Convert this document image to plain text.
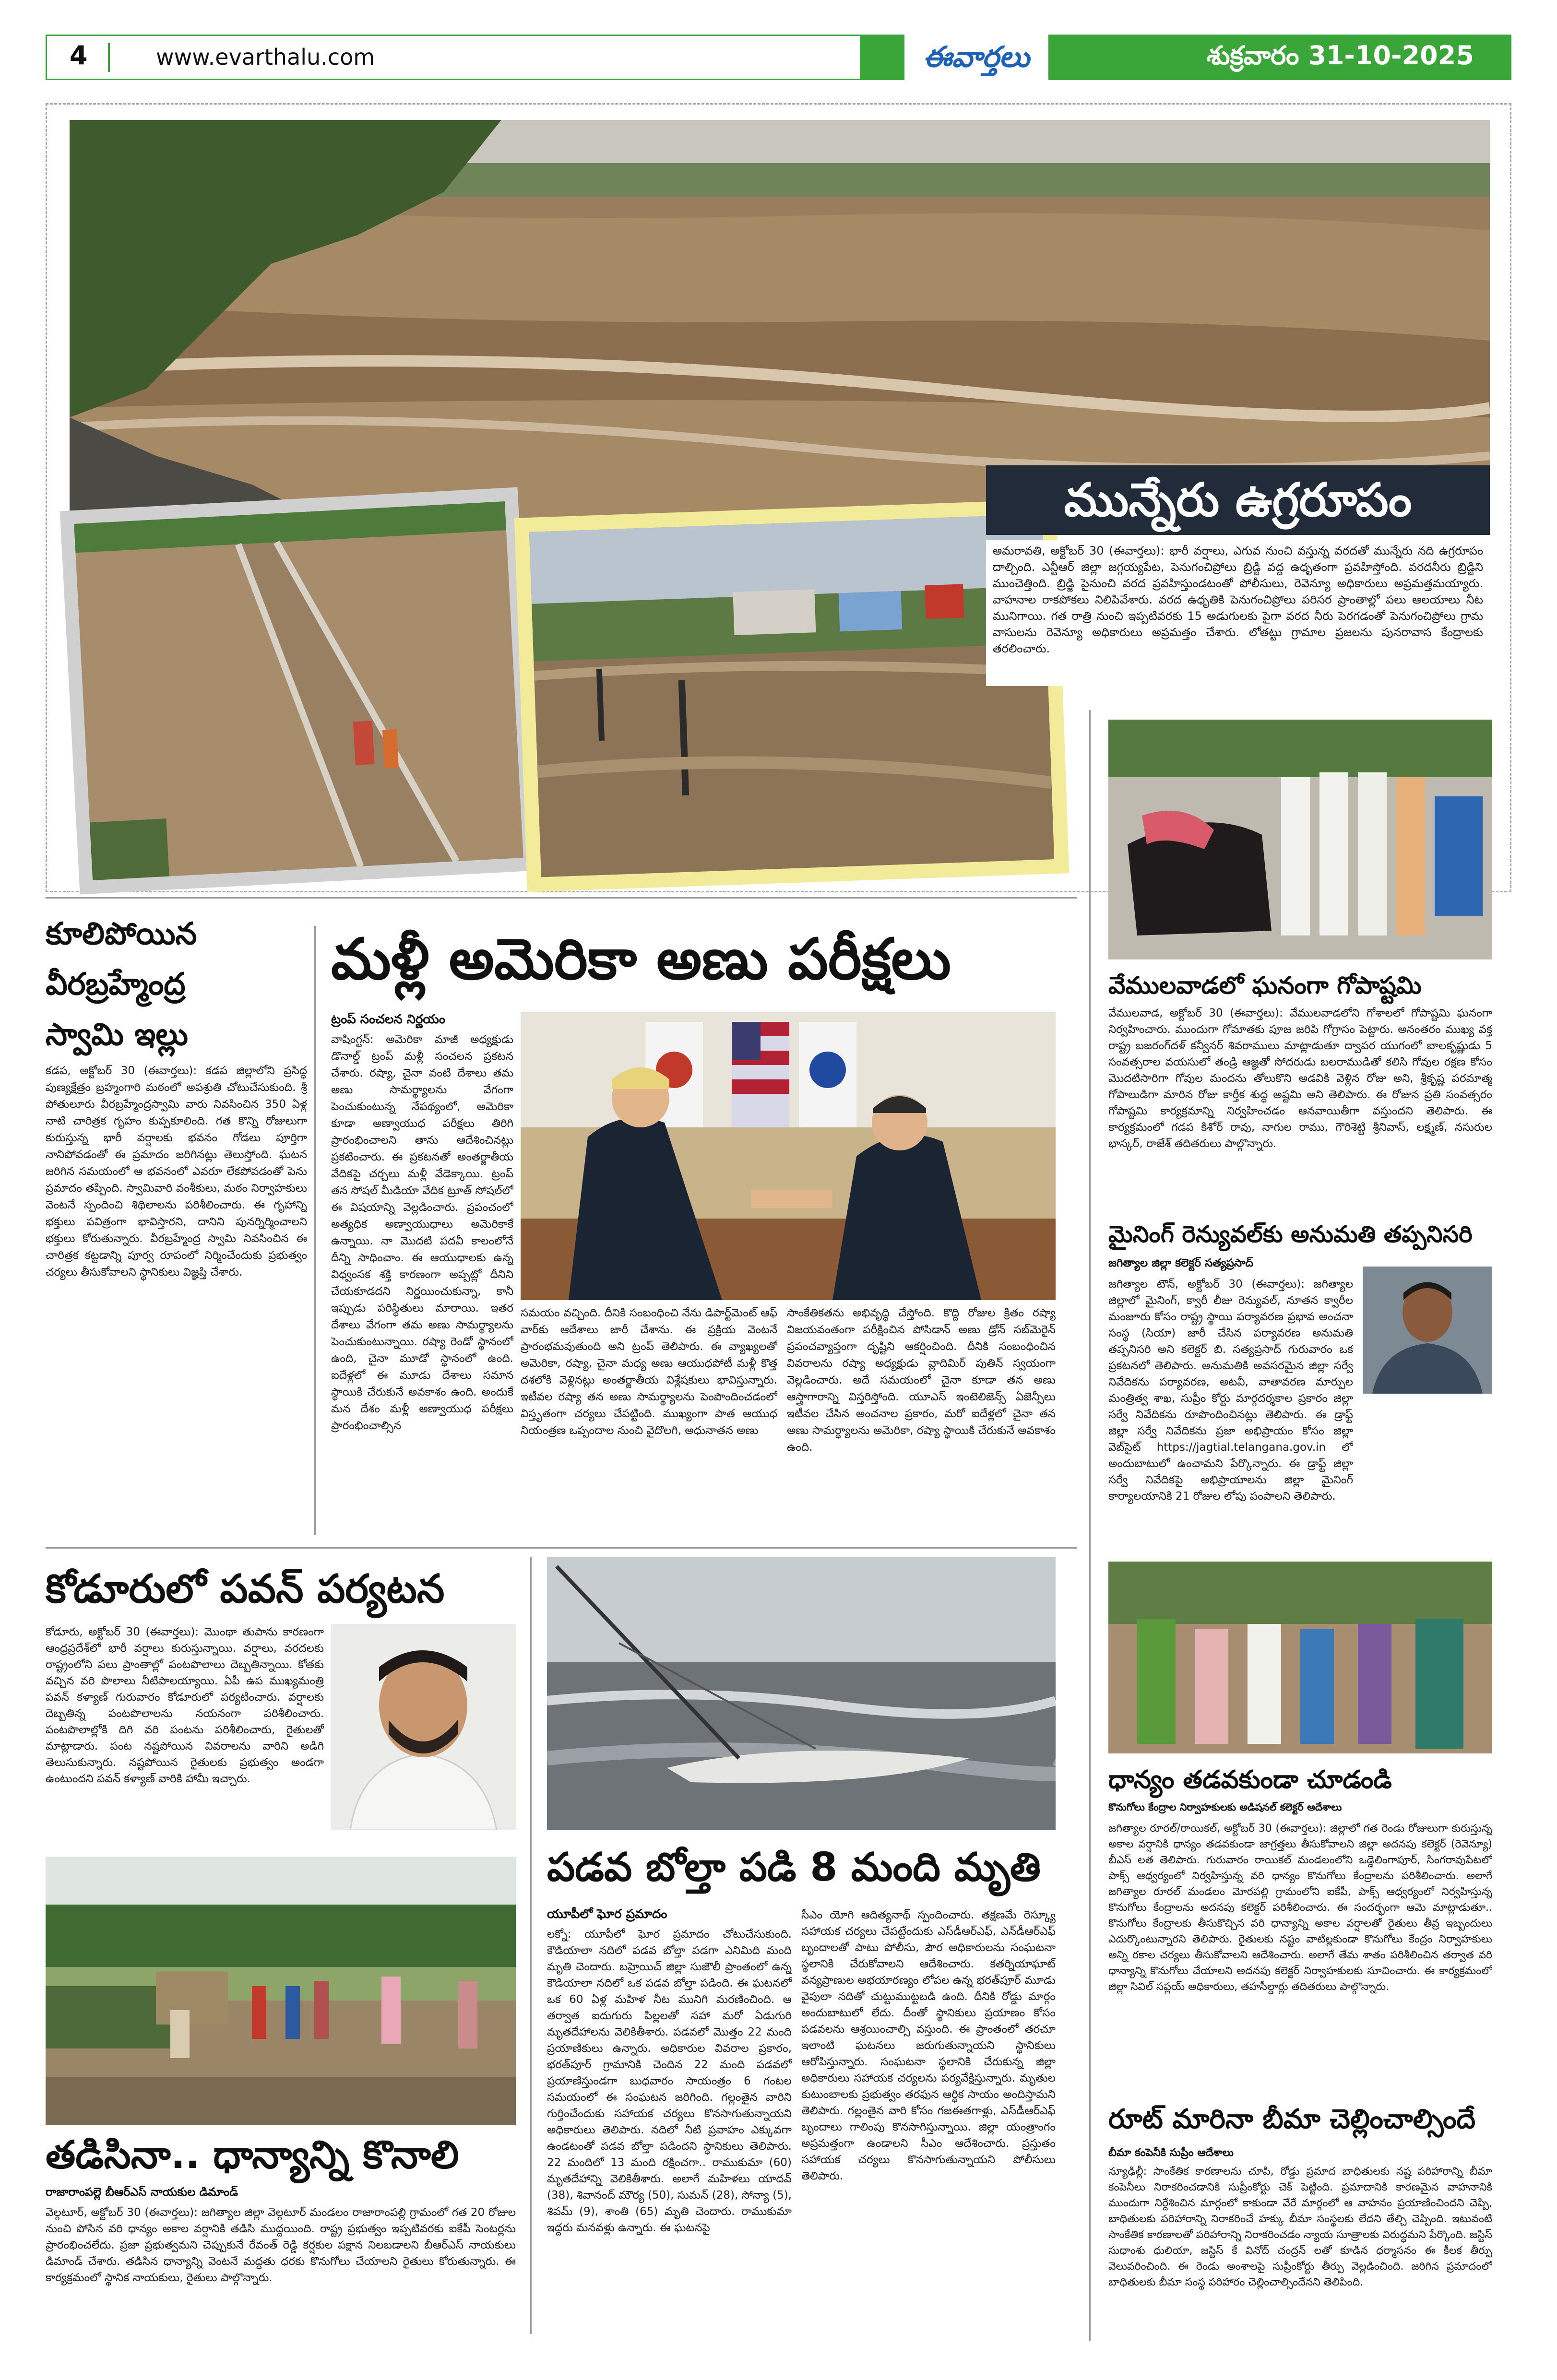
4	www.evarthalu.com	ఈవార్తలు	శుక్రవారం 31-10-2025
మున్నేరు ఉగ్రరూపం
అమరావతి, అక్టోబర్ 30 (ఈవార్తలు): భారీ వర్షాలు, ఎగువ నుంచి వస్తున్న వరదతో మున్నేరు నది ఉగ్రరూపం దాల్చింది. ఎన్టీఆర్ జిల్లా జగ్గయ్యపేట, పెనుగంచిప్రోలు బ్రిడ్జి వద్ద ఉధృతంగా ప్రవహిస్తోంది. వరదనీరు బ్రిడ్జిని ముంచెత్తింది. బ్రిడ్జి పైనుంచి వరద ప్రవహిస్తుండటంతో పోలీసులు, రెవెన్యూ అధికారులు అప్రమత్తమయ్యారు. వాహనాల రాకపోకలు నిలిపివేశారు. వరద ఉధృతికి పెనుగంచిప్రోలు పరిసర ప్రాంతాల్లో పలు ఆలయాలు నీట మునిగాయి. గత రాత్రి నుంచి ఇప్పటివరకు 15 అడుగులకు పైగా వరద నీరు పెరగడంతో పెనుగంచిప్రోలు గ్రామ వాసులను రెవెన్యూ అధికారులు అప్రమత్తం చేశారు. లోతట్టు గ్రామాల ప్రజలను పునరావాస కేంద్రాలకు తరలించారు.
కూలిపోయిన
వీరబ్రహ్మేంద్ర
స్వామి ఇల్లు
కడప, అక్టోబర్ 30 (ఈవార్తలు): కడప జిల్లాలోని ప్రసిద్ధ పుణ్యక్షేత్రం బ్రహ్మంగారి మఠంలో అపశ్రుతి చోటుచేసుకుంది. శ్రీ పోతులూరు వీరబ్రహ్మేంద్రస్వామి వారు నివసించిన 350 ఏళ్ల నాటి చారిత్రక గృహం కుప్పకూలింది. గత కొన్ని రోజులుగా కురుస్తున్న భారీ వర్షాలకు భవనం గోడలు పూర్తిగా నానిపోవడంతో ఈ ప్రమాదం జరిగినట్లు తెలుస్తోంది. ఘటన జరిగిన సమయంలో ఆ భవనంలో ఎవరూ లేకపోవడంతో పెను ప్రమాదం తప్పింది. స్వామివారి వంశీకులు, మఠం నిర్వాహకులు వెంటనే స్పందించి శిథిలాలను పరిశీలించారు. ఈ గృహాన్ని భక్తులు పవిత్రంగా భావిస్తారని, దానిని పునర్నిర్మించాలని భక్తులు కోరుతున్నారు. వీరబ్రహ్మేంద్ర స్వామి నివసించిన ఈ చారిత్రక కట్టడాన్ని పూర్వ రూపంలో నిర్మించేందుకు ప్రభుత్వం చర్యలు తీసుకోవాలని స్థానికులు విజ్ఞప్తి చేశారు.
మళ్లీ అమెరికా అణు పరీక్షలు
ట్రంప్ సంచలన నిర్ణయం
వాషింగ్టన్: అమెరికా మాజీ అధ్యక్షుడు డొనాల్డ్ ట్రంప్ మళ్లీ సంచలన ప్రకటన చేశారు. రష్యా, చైనా వంటి దేశాలు తమ అణు సామర్థ్యాలను వేగంగా పెంచుకుంటున్న నేపథ్యంలో, అమెరికా కూడా అణ్వాయుధ పరీక్షలు తిరిగి ప్రారంభించాలని తాను ఆదేశించినట్లు ప్రకటించారు. ఈ ప్రకటనతో అంతర్జాతీయ వేదికపై చర్చలు మళ్లీ వేడెక్కాయి. ట్రంప్ తన సోషల్ మీడియా వేదిక ట్రూత్ సోషల్‌లో ఈ విషయాన్ని వెల్లడించారు. ప్రపంచంలో అత్యధిక అణ్వాయుధాలు అమెరికాకే ఉన్నాయి. నా మొదటి పదవీ కాలంలోనే దీన్ని సాధించాం. ఈ ఆయుధాలకు ఉన్న విధ్వంసక శక్తి కారణంగా అప్పట్లో దీనిని చేయకూడదని నిర్ణయించుకున్నా, కానీ ఇప్పుడు పరిస్థితులు మారాయి. ఇతర దేశాలు వేగంగా తమ అణు సామర్థ్యాలను పెంచుకుంటున్నాయి. రష్యా రెండో స్థానంలో ఉంది, చైనా మూడో స్థానంలో ఉంది. ఐదేళ్లలో ఈ మూడు దేశాలు సమాన స్థాయికి చేరుకునే అవకాశం ఉంది. అందుకే మన దేశం మళ్లీ అణ్వాయుధ పరీక్షలు ప్రారంభించాల్సిన
సమయం వచ్చింది. దీనికి సంబంధించి నేను డిపార్ట్‌మెంట్ ఆఫ్ వార్‌కు ఆదేశాలు జారీ చేశాను. ఈ ప్రక్రియ వెంటనే ప్రారంభమవుతుంది అని ట్రంప్ తెలిపారు. ఈ వ్యాఖ్యలతో అమెరికా, రష్యా, చైనా మధ్య అణు ఆయుధపోటీ మళ్లీ కొత్త దశలోకి వెళ్లినట్లు అంతర్జాతీయ విశ్లేషకులు భావిస్తున్నారు. ఇటీవల రష్యా తన అణు సామర్థ్యాలను పెంపొందించడంలో విస్తృతంగా చర్యలు చేపట్టింది. ముఖ్యంగా పాత ఆయుధ నియంత్రణ ఒప్పందాల నుంచి వైదొలగి, అధునాతన అణు
సాంకేతికతను అభివృద్ధి చేస్తోంది. కొద్ది రోజుల క్రితం రష్యా విజయవంతంగా పరీక్షించిన పోసిడాన్ అణు డ్రోన్ సబ్‌మెరైన్ ప్రపంచవ్యాప్తంగా దృష్టిని ఆకర్షించింది. దీనికి సంబంధించిన వివరాలను రష్యా అధ్యక్షుడు వ్లాదిమిర్ పుతిన్ స్వయంగా వెల్లడించారు. అదే సమయంలో చైనా కూడా తన అణు ఆస్త్రాగారాన్ని విస్తరిస్తోంది. యూఎస్ ఇంటెలిజెన్స్ ఏజెన్సీలు ఇటీవల చేసిన అంచనాల ప్రకారం, మరో ఐదేళ్లలో చైనా తన అణు సామర్థ్యాలను అమెరికా, రష్యా స్థాయికి చేరుకునే అవకాశం ఉంది.
కోడూరులో పవన్ పర్యటన
కోడూరు, అక్టోబర్ 30 (ఈవార్తలు): మొంథా తుపాను కారణంగా ఆంధ్రప్రదేశ్‌లో భారీ వర్షాలు కురుస్తున్నాయి. వర్షాలు, వరదలకు రాష్ట్రంలోని పలు ప్రాంతాల్లో పంటపొలాలు దెబ్బతిన్నాయి. కోతకు వచ్చిన వరి పొలాలు నీటిపాలయ్యాయి. ఏపీ ఉప ముఖ్యమంత్రి పవన్ కళ్యాణ్ గురువారం కోడూరులో పర్యటించారు. వర్షాలకు దెబ్బతిన్న పంటపొలాలను నయనంగా పరిశీలించారు. పంటపొలాల్లోకి దిగి వరి పంటను పరిశీలించారు, రైతులతో మాట్లాడారు. పంట నష్టపోయిన వివరాలను వారిని అడిగి తెలుసుకున్నారు. నష్టపోయిన రైతులకు ప్రభుత్వం అండగా ఉంటుందని పవన్ కళ్యాణ్ వారికి హామీ ఇచ్చారు.
పడవ బోల్తా పడి 8 మంది మృతి
యూపీలో ఘోర ప్రమాదం
లక్నో: యూపీలో ఘోర ప్రమాదం చోటుచేసుకుంది. కౌడియాలా నదిలో పడవ బోల్తా పడగా ఎనిమిది మంది మృతి చెందారు. బహ్రెయిచ్ జిల్లా సుజౌలీ ప్రాంతంలో ఉన్న కౌడియాలా నదిలో ఒక పడవ బోల్తా పడింది. ఈ ఘటనలో ఒక 60 ఏళ్ల మహిళ నీట మునిగి మరణించింది. ఆ తర్వాత ఐదుగురు పిల్లలతో సహా మరో ఏడుగురి మృతదేహాలను వెలికితీశారు. పడవలో మొత్తం 22 మంది ప్రయాణికులు ఉన్నారు. అధికారుల వివరాల ప్రకారం, భరత్‌పూర్ గ్రామానికి చెందిన 22 మంది పడవలో ప్రయాణిస్తుండగా బుధవారం సాయంత్రం 6 గంటల సమయంలో ఈ సంఘటన జరిగింది. గల్లంతైన వారిని గుర్తించేందుకు సహాయక చర్యలు కొనసాగుతున్నాయని అధికారులు తెలిపారు. నదిలో నీటి ప్రవాహం ఎక్కువగా ఉండటంతో పడవ బోల్తా పడిందని స్థానికులు తెలిపారు. 22 మందిలో 13 మంది రక్షించగా.. రాముకుమా (60) మృతదేహాన్ని వెలికితీశారు. అలాగే మహిళలు యాదవ్ (38), శివానంద్ మౌర్య (50), సుమన్ (28), సోన్యా (5), శివమ్ (9), శాంతి (65) మృతి చెందారు. రాముకుమా ఇద్దరు మనవళ్లు ఉన్నారు. ఈ ఘటనపై
సీఎం యోగి ఆదిత్యనాథ్ స్పందించారు. తక్షణమే రెస్క్యూ సహాయక చర్యలు చేపట్టేందుకు ఎస్‌డీఆర్‌ఎఫ్, ఎన్‌డీఆర్‌ఎఫ్ బృందాలతో పాటు పోలీసు, పౌర అధికారులను సంఘటనా స్థలానికి చేరుకోవాలని ఆదేశించారు. కతర్నియాఘాట్ వన్యప్రాణుల అభయారణ్యం లోపల ఉన్న భరత్‌పూర్ మూడు వైపులా నదితో చుట్టుముట్టబడి ఉంది. దీనికి రోడ్డు మార్గం అందుబాటులో లేదు. దీంతో స్థానికులు ప్రయాణం కోసం పడవలను ఆశ్రయించాల్సి వస్తుంది. ఈ ప్రాంతంలో తరచూ ఇలాంటి ఘటనలు జరుగుతున్నాయని స్థానికులు ఆరోపిస్తున్నారు. సంఘటనా స్థలానికి చేరుకున్న జిల్లా అధికారులు సహాయక చర్యలను పర్యవేక్షిస్తున్నారు. మృతుల కుటుంబాలకు ప్రభుత్వం తరఫున ఆర్థిక సాయం అందిస్తామని తెలిపారు. గల్లంతైన వారి కోసం గజఈతగాళ్లు, ఎస్‌డీఆర్‌ఎఫ్ బృందాలు గాలింపు కొనసాగిస్తున్నాయి. జిల్లా యంత్రాంగం అప్రమత్తంగా ఉండాలని సీఎం ఆదేశించారు. ప్రస్తుతం సహాయక చర్యలు కొనసాగుతున్నాయని పోలీసులు తెలిపారు.
తడిసినా.. ధాన్యాన్ని కొనాలి
రాజారాంపల్లె బీఆర్ఎస్ నాయకుల డిమాండ్
వెల్గటూర్, అక్టోబర్ 30 (ఈవార్తలు): జగిత్యాల జిల్లా వెల్గటూర్ మండలం రాజారాంపల్లి గ్రామంలో గత 20 రోజుల నుంచి పోసిన వరి ధాన్యం అకాల వర్షానికి తడిసి ముద్దయింది. రాష్ట్ర ప్రభుత్వం ఇప్పటివరకు ఐకేపీ సెంటర్లను ప్రారంభించలేదు. ప్రజా ప్రభుత్వమని చెప్పుకునే రేవంత్ రెడ్డి కర్షకుల పక్షాన నిలబడాలని బీఆర్ఎస్ నాయకులు డిమాండ్ చేశారు. తడిసిన ధాన్యాన్ని వెంటనే మద్దతు ధరకు కొనుగోలు చేయాలని రైతులు కోరుతున్నారు. ఈ కార్యక్రమంలో స్థానిక నాయకులు, రైతులు పాల్గొన్నారు.
వేములవాడలో ఘనంగా గోపాష్టమి
వేములవాడ, అక్టోబర్ 30 (ఈవార్తలు): వేములవాడలోని గోశాలలో గోపాష్టమి ఘనంగా నిర్వహించారు. ముందుగా గోమాతకు పూజ జరిపి గోగ్రాసం పెట్టారు. అనంతరం ముఖ్య వక్త రాష్ట్ర బజరంగ్‌దళ్ కన్వీనర్ శివరాములు మాట్లాడుతూ ద్వాపర యుగంలో బాలకృష్ణుడు 5 సంవత్సరాల వయసులో తండ్రి ఆజ్ఞతో సోదరుడు బలరాముడితో కలిసి గోవుల రక్షణ కోసం మొదటిసారిగా గోవుల మందను తోలుకొని అడవికి వెళ్లిన రోజు అని, శ్రీకృష్ణ పరమాత్మ గోపాలుడిగా మారిన రోజు కార్తీక శుద్ధ అష్టమి అని తెలిపారు. ఈ రోజున ప్రతి సంవత్సరం గోపాష్టమి కార్యక్రమాన్ని నిర్వహించడం ఆనవాయితీగా వస్తుందని తెలిపారు. ఈ కార్యక్రమంలో గడప కిశోర్ రావు, నాగుల రాము, గౌరిశెట్టి శ్రీనివాస్, లక్ష్మణ్, నసురుల భాస్కర్, రాజేశ్ తదితరులు పాల్గొన్నారు.
మైనింగ్ రెన్యువల్‌కు అనుమతి తప్పనిసరి
జగిత్యాల జిల్లా కలెక్టర్ సత్యప్రసాద్
జగిత్యాల టౌన్, అక్టోబర్ 30 (ఈవార్తలు): జగిత్యాల జిల్లాలో మైనింగ్, క్వారీ లీజు రెన్యువల్, నూతన క్వారీల మంజూరు కోసం రాష్ట్ర స్థాయి పర్యావరణ ప్రభావ అంచనా సంస్థ (సియా) జారీ చేసిన పర్యావరణ అనుమతి తప్పనిసరి అని కలెక్టర్ బి. సత్యప్రసాద్ గురువారం ఒక ప్రకటనలో తెలిపారు. అనుమతికి అవసరమైన జిల్లా సర్వే నివేదికను పర్యావరణ, అటవీ, వాతావరణ మార్పుల మంత్రిత్వ శాఖ, సుప్రీం కోర్టు మార్గదర్శకాల ప్రకారం జిల్లా సర్వే నివేదికను రూపొందించినట్లు తెలిపారు. ఈ డ్రాఫ్ట్ జిల్లా సర్వే నివేదికను ప్రజా అభిప్రాయం కోసం జిల్లా వెబ్‌సైట్ https://jagtial.telangana.gov.in లో అందుబాటులో ఉంచామని పేర్కొన్నారు. ఈ డ్రాఫ్ట్ జిల్లా సర్వే నివేదికపై అభిప్రాయాలను జిల్లా మైనింగ్ కార్యాలయానికి 21 రోజుల లోపు పంపాలని తెలిపారు.
ధాన్యం తడవకుండా చూడండి
కొనుగోలు కేంద్రాల నిర్వాహకులకు అడిషనల్ కలెక్టర్ ఆదేశాలు
జగిత్యాల రూరల్/రాయికల్, అక్టోబర్ 30 (ఈవార్తలు): జిల్లాలో గత రెండు రోజులుగా కురుస్తున్న అకాల వర్షానికి ధాన్యం తడవకుండా జాగ్రత్తలు తీసుకోవాలని జిల్లా అదనపు కలెక్టర్ (రెవెన్యూ) బీఎస్ లత తెలిపారు. గురువారం రాయికల్ మండలంలోని ఒడ్డెలింగాపూర్, సింగరావుపేటలో పాక్స్ ఆధ్వర్యంలో నిర్వహిస్తున్న వరి ధాన్యం కొనుగోలు కేంద్రాలను పరిశీలించారు. అలాగే జగిత్యాల రూరల్ మండలం మోరపల్లి గ్రామంలోని ఐకేపీ, పాక్స్ ఆధ్వర్యంలో నిర్వహిస్తున్న కొనుగోలు కేంద్రాలను అదనపు కలెక్టర్ పరిశీలించారు. ఈ సందర్భంగా ఆమె మాట్లాడుతూ.. కొనుగోలు కేంద్రాలకు తీసుకొచ్చిన వరి ధాన్యాన్ని అకాల వర్షాలతో రైతులు తీవ్ర ఇబ్బందులు ఎదుర్కొంటున్నారని తెలిపారు. రైతులకు నష్టం వాటిల్లకుండా కొనుగోలు కేంద్రం నిర్వాహకులు అన్ని రకాల చర్యలు తీసుకోవాలని ఆదేశించారు. అలాగే తేమ శాతం పరిశీలించిన తర్వాత వరి ధాన్యాన్ని కొనుగోలు చేయాలని అదనపు కలెక్టర్ నిర్వాహకులకు సూచించారు. ఈ కార్యక్రమంలో జిల్లా సివిల్ సప్లయ్ అధికారులు, తహసీల్దార్లు తదితరులు పాల్గొన్నారు.
రూట్ మారినా బీమా చెల్లించాల్సిందే
బీమా కంపెనీకి సుప్రీం ఆదేశాలు
న్యూఢిల్లీ: సాంకేతిక కారణాలను చూపి, రోడ్డు ప్రమాద బాధితులకు నష్ట పరిహారాన్ని బీమా కంపెనీలు నిరాకరించడానికి సుప్రీంకోర్టు చెక్ పెట్టింది. ప్రమాదానికి కారణమైన వాహనానికి ముందుగా నిర్దేశించిన మార్గంలో కాకుండా వేరే మార్గంలో ఆ వాహనం ప్రయాణించిందని చెప్పి, బాధితులకు పరిహారాన్ని నిరాకరించే హక్కు బీమా సంస్థలకు లేదని తేల్చి చెప్పింది. ఇటువంటి సాంకేతిక కారణాలతో పరిహారాన్ని నిరాకరించడం న్యాయ సూత్రాలకు విరుద్ధమని పేర్కొంది. జస్టిస్ సుధాంశు ధులియా, జస్టిస్ కే వినోద్ చంద్రన్ లతో కూడిన ధర్మాసనం ఈ కీలక తీర్పు వెలువరించింది. ఈ రెండు అంశాలపై సుప్రీంకోర్టు తీర్పు వెల్లడించింది. జరిగిన ప్రమాదంలో బాధితులకు బీమా సంస్థ పరిహారం చెల్లించాల్సిందేనని తెలిపింది.
